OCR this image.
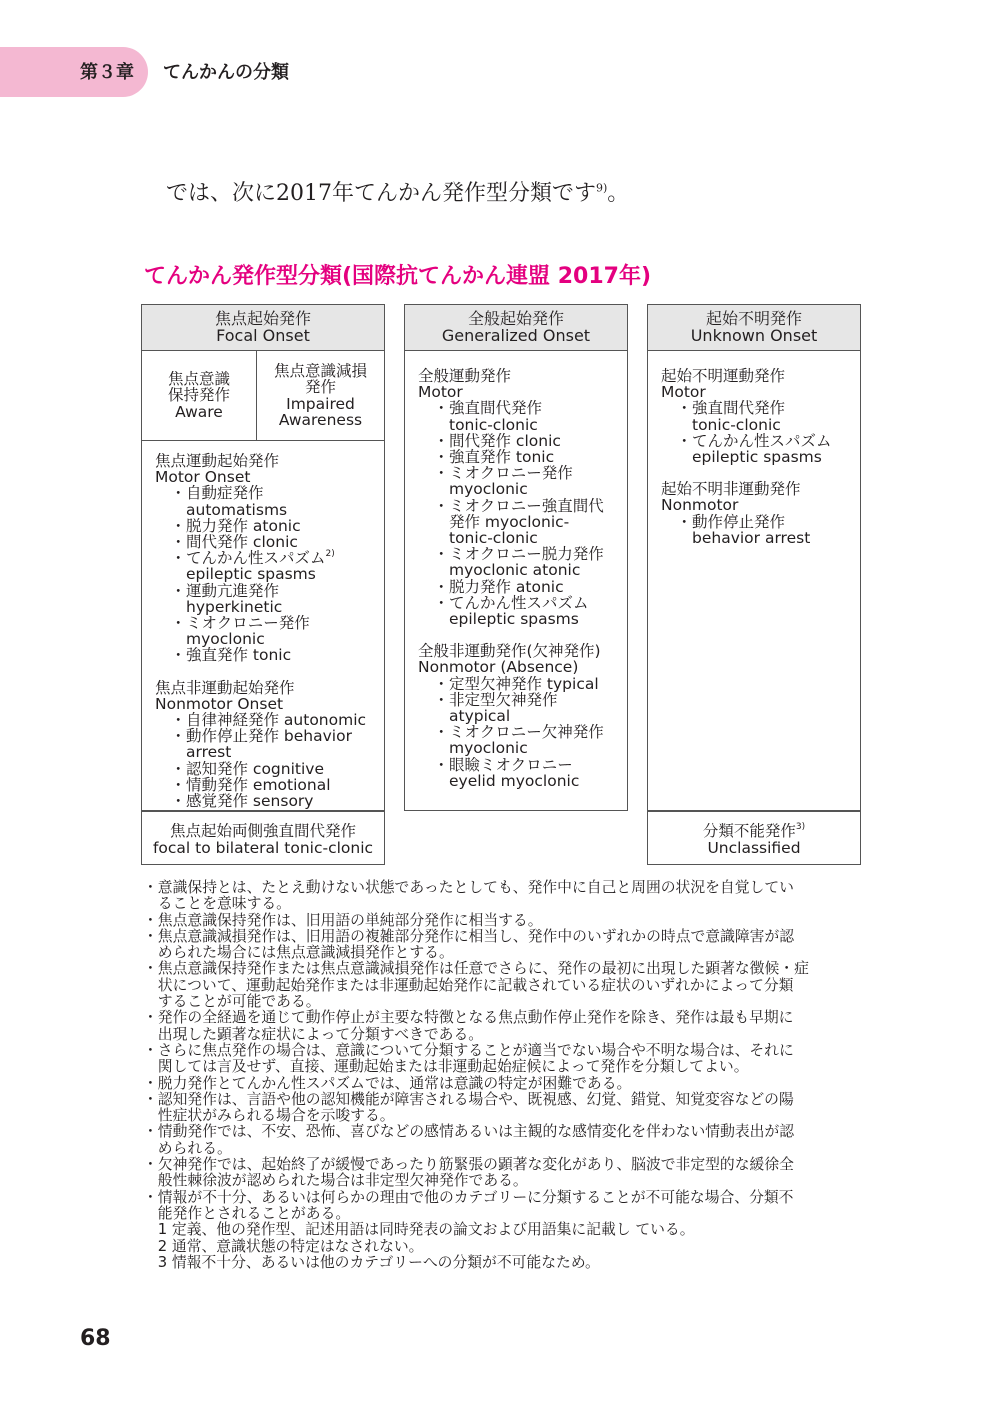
第３章 てんかんの分類
では、次に2017年てんかん発作型分類です$^{9)}$。
てんかん発作型分類(国際抗てんかん連盟 2017年)
焦点起始発作
Focal Onset
焦点意識
保持発作
Aware
焦点意識減損
発作
Impaired
Awareness
焦点運動起始発作
Motor Onset
　・自動症発作
　　automatisms
　・脱力発作 atonic
　・間代発作 clonic
　・てんかん性スパズム$^{2)}$
　　epileptic spasms
　・運動亢進発作
　　hyperkinetic
　・ミオクロニー発作
　　myoclonic
　・強直発作 tonic
焦点非運動起始発作
Nonmotor Onset
　・自律神経発作 autonomic
　・動作停止発作 behavior
　　arrest
　・認知発作 cognitive
　・情動発作 emotional
　・感覚発作 sensory
焦点起始両側強直間代発作
focal to bilateral tonic-clonic
全般起始発作
Generalized Onset
全般運動発作
Motor
　・強直間代発作
　　tonic-clonic
　・間代発作 clonic
　・強直発作 tonic
　・ミオクロニー発作
　　myoclonic
　・ミオクロニー強直間代
　　発作 myoclonic-
　　tonic-clonic
　・ミオクロニー脱力発作
　　myoclonic atonic
　・脱力発作 atonic
　・てんかん性スパズム
　　epileptic spasms
全般非運動発作(欠神発作)
Nonmotor (Absence)
　・定型欠神発作 typical
　・非定型欠神発作
　　atypical
　・ミオクロニー欠神発作
　　myoclonic
　・眼瞼ミオクロニー
　　eyelid myoclonic
起始不明発作
Unknown Onset
起始不明運動発作
Motor
　・強直間代発作
　　tonic-clonic
　・てんかん性スパズム
　　epileptic spasms
起始不明非運動発作
Nonmotor
　・動作停止発作
　　behavior arrest
分類不能発作$^{3)}$
Unclassified
・意識保持とは、たとえ動けない状態であったとしても、発作中に自己と周囲の状況を自覚してい
　ることを意味する。
・焦点意識保持発作は、旧用語の単純部分発作に相当する。
・焦点意識減損発作は、旧用語の複雑部分発作に相当し、発作中のいずれかの時点で意識障害が認
　められた場合には焦点意識減損発作とする。
・焦点意識保持発作または焦点意識減損発作は任意でさらに、発作の最初に出現した顕著な徴候・症
　状について、運動起始発作または非運動起始発作に記載されている症状のいずれかによって分類
　することが可能である。
・発作の全経過を通じて動作停止が主要な特徴となる焦点動作停止発作を除き、発作は最も早期に
　出現した顕著な症状によって分類すべきである。
・さらに焦点発作の場合は、意識について分類することが適当でない場合や不明な場合は、それに
　関しては言及せず、直接、運動起始または非運動起始症候によって発作を分類してよい。
・脱力発作とてんかん性スパズムでは、通常は意識の特定が困難である。
・認知発作は、言語や他の認知機能が障害される場合や、既視感、幻覚、錯覚、知覚変容などの陽
　性症状がみられる場合を示唆する。
・情動発作では、不安、恐怖、喜びなどの感情あるいは主観的な感情変化を伴わない情動表出が認
　められる。
・欠神発作では、起始終了が緩慢であったり筋緊張の顕著な変化があり、脳波で非定型的な緩徐全
　般性棘徐波が認められた場合は非定型欠神発作である。
・情報が不十分、あるいは何らかの理由で他のカテゴリーに分類することが不可能な場合、分類不
　能発作とされることがある。
　1 定義、他の発作型、記述用語は同時発表の論文および用語集に記載し ている。
　2 通常、意識状態の特定はなされない。
　3 情報不十分、あるいは他のカテゴリーへの分類が不可能なため。
68
